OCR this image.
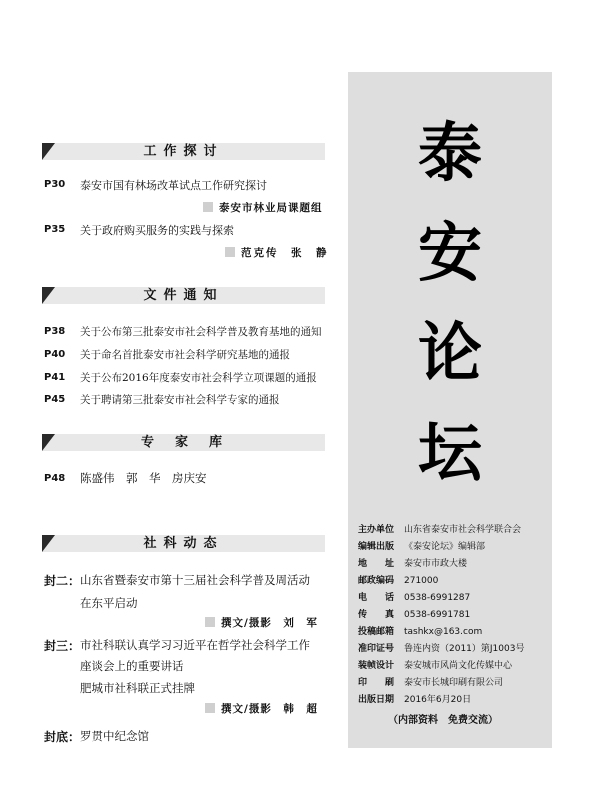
工作探讨
P30 泰安市国有林场改革试点工作研究探讨
泰安市林业局课题组
P35 关于政府购买服务的实践与探索
范克传　张　静
文件通知
P38 关于公布第三批泰安市社会科学普及教育基地的通知
P40 关于命名首批泰安市社会科学研究基地的通报
P41 关于公布2016年度泰安市社会科学立项课题的通报
P45 关于聘请第三批泰安市社会科学专家的通报
专　家　库
P48 陈盛伟　郭　华　房庆安
社科动态
封二： 山东省暨泰安市第十三届社会科学普及周活动
在东平启动
撰文/摄影　刘　军
封三： 市社科联认真学习习近平在哲学社会科学工作
座谈会上的重要讲话
肥城市社科联正式挂牌
撰文/摄影　韩　超
封底： 罗贯中纪念馆
泰
安
论
坛
主办单位 山东省泰安市社会科学联合会
编辑出版 《泰安论坛》编辑部
地　　址 泰安市市政大楼
邮政编码 271000
电　　话 0538-6991287
传　　真 0538-6991781
投稿邮箱 tashkx@163.com
准印证号 鲁连内资（2011）第J1003号
装帧设计 泰安城市风尚文化传媒中心
印　　刷 泰安市长城印刷有限公司
出版日期 2016年6月20日
（内部资料　免费交流）
